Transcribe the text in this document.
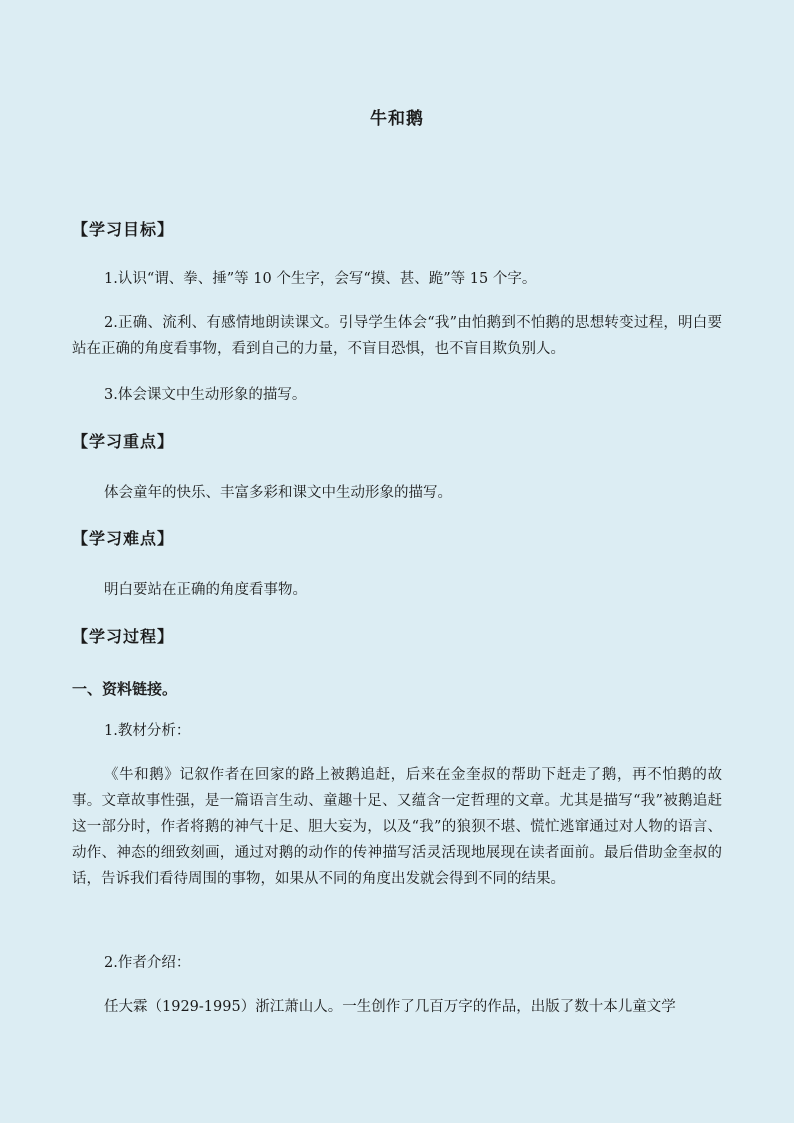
牛和鹅
【学习目标】
1.认识“谓、拳、捶”等 10 个生字，会写“摸、甚、跪”等 15 个字。
2.正确、流利、有感情地朗读课文。引导学生体会“我”由怕鹅到不怕鹅的思想转变过程，明白要站在正确的角度看事物，看到自己的力量，不盲目恐惧，也不盲目欺负别人。
3.体会课文中生动形象的描写。
【学习重点】
体会童年的快乐、丰富多彩和课文中生动形象的描写。
【学习难点】
明白要站在正确的角度看事物。
【学习过程】
一、资料链接。
1.教材分析：
《牛和鹅》记叙作者在回家的路上被鹅追赶，后来在金奎叔的帮助下赶走了鹅，再不怕鹅的故事。文章故事性强，是一篇语言生动、童趣十足、又蕴含一定哲理的文章。尤其是描写“我”被鹅追赶这一部分时，作者将鹅的神气十足、胆大妄为，以及“我”的狼狈不堪、慌忙逃窜通过对人物的语言、动作、神态的细致刻画，通过对鹅的动作的传神描写活灵活现地展现在读者面前。最后借助金奎叔的话，告诉我们看待周围的事物，如果从不同的角度出发就会得到不同的结果。
2.作者介绍：
任大霖（1929-1995）浙江萧山人。一生创作了几百万字的作品，出版了数十本儿童文学
